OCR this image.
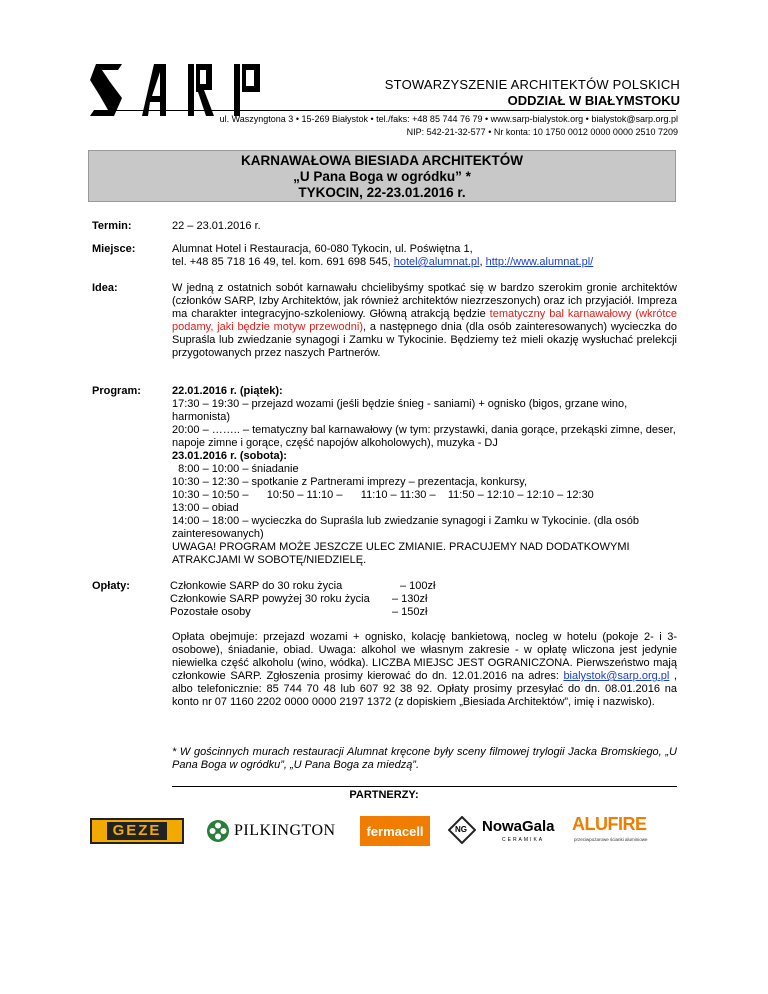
STOWARZYSZENIE ARCHITEKTÓW POLSKICH
ODDZIAŁ W BIAŁYMSTOKU
ul. Waszyngtona 3 • 15-269 Białystok • tel./faks: +48 85 744 76 79 • www.sarp-bialystok.org • bialystok@sarp.org.pl
NIP: 542-21-32-577 • Nr konta: 10 1750 0012 0000 0000 2510 7209
KARNAWAŁOWA BIESIADA ARCHITEKTÓW
„U Pana Boga w ogródku” *
TYKOCIN, 22-23.01.2016 r.
Termin:	22 – 23.01.2016 r.
Miejsce:	Alumnat Hotel i Restauracja, 60-080 Tykocin, ul. Poświętna 1,
tel. +48 85 718 16 49, tel. kom. 691 698 545, hotel@alumnat.pl, http://www.alumnat.pl/
Idea:	W jedną z ostatnich sobót karnawału chcielibyśmy spotkać się w bardzo szerokim gronie architektów (członków SARP, Izby Architektów, jak również architektów niezrzeszonych) oraz ich przyjaciół. Impreza ma charakter integracyjno-szkoleniowy. Główną atrakcją będzie tematyczny bal karnawałowy (wkrótce podamy, jaki będzie motyw przewodni), a następnego dnia (dla osób zainteresowanych) wycieczka do Supraśla lub zwiedzanie synagogi i Zamku w Tykocinie. Będziemy też mieli okazję wysłuchać prelekcji przygotowanych przez naszych Partnerów.
Program:	22.01.2016 r. (piątek):
17:30 – 19:30 – przejazd wozami (jeśli będzie śnieg - saniami) + ognisko (bigos, grzane wino, harmonista)
20:00 – …….. – tematyczny bal karnawałowy (w tym: przystawki, dania gorące, przekąski zimne, deser, napoje zimne i gorące, część napojów alkoholowych), muzyka - DJ
23.01.2016 r. (sobota):
8:00 – 10:00 – śniadanie
10:30 – 12:30 – spotkanie z Partnerami imprezy – prezentacja, konkursy,
10:30 – 10:50 –      10:50 – 11:10 –      11:10 – 11:30 –    11:50 – 12:10 – 12:10 – 12:30
13:00 – obiad
14:00 – 18:00 – wycieczka do Supraśla lub zwiedzanie synagogi i Zamku w Tykocinie. (dla osób zainteresowanych)
UWAGA! PROGRAM MOŻE JESZCZE ULEC ZMIANIE. PRACUJEMY NAD DODATKOWYMI ATRAKCJAMI W SOBOTĘ/NIEDZIELĘ.
Opłaty:	Członkowie SARP do 30 roku życia	– 100zł
Członkowie SARP powyżej 30 roku życia – 130zł
Pozostałe osoby	– 150zł
Opłata obejmuje: przejazd wozami + ognisko, kolację bankietową, nocleg w hotelu (pokoje 2- i 3-osobowe), śniadanie, obiad. Uwaga: alkohol we własnym zakresie - w opłatę wliczona jest jedynie niewielka część alkoholu (wino, wódka). LICZBA MIEJSC JEST OGRANICZONA. Pierwszeństwo mają członkowie SARP. Zgłoszenia prosimy kierować do dn. 12.01.2016 na adres: bialystok@sarp.org.pl , albo telefonicznie: 85 744 70 48 lub 607 92 38 92. Opłaty prosimy przesyłać do dn. 08.01.2016 na konto nr 07 1160 2202 0000 0000 2197 1372 (z dopiskiem „Biesiada Architektów”, imię i nazwisko).
* W gościnnych murach restauracji Alumnat kręcone były sceny filmowej trylogii Jacka Bromskiego, „U Pana Boga w ogródku”, „U Pana Boga za miedzą”.
PARTNERZY:
GEZE	PILKINGTON fermacell	NG NowaGala
CERAMIKA
ALUFIRE
przeciwpożarowe ścianki aluminiowe
